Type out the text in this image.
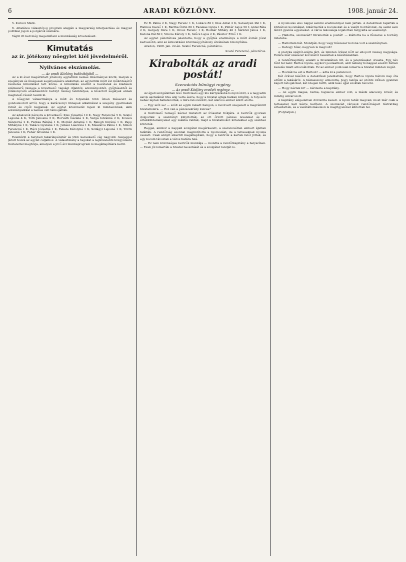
6	ARADI KÖZLÖNY.	1908. január 24.

5. Kurucz Márk.

6. Altalános választójog program alapján a magyarság kiterjesztése és magyar politikai jogok a polgárok számára.

Végül itt kell még megemlíteni a munkásság követeléseit.

Kimutatás
az ír. jótékony nőegylet kiél jövedelméről.
Nyilvános elszámolás.
— Az aradi Közlöny tudósítójától —

Az a ki évet megérintett jótékony egyletünk nemes intézményei közül, melyek a szegények és ínségesek segélyezésére alakultak, az egyletünk múlt évi működéséről részletes kimutatást tett közzé. A kimutatás szerint a bevételek és kiadások számszerű összege a következő: tagsági díjakból, adományokból, gyűjtésekből és jótékonycélú előadásokból befolyt összeg tekintélyes, a kiosztott segélyek ennek megfelelő részét teszik ki.

A nőegylet választmánya a múlt év folyamán több ízben ülésezett és gondoskodott arról, hogy a karácsonyi ünnepek alkalmával a szegény gyermekek ruhát és cipőt kapjanak. Az egylet köszönetét fejezi ki mindazoknak, akik adományaikkal a nemes célt támogatták.

Az adakozók névsora a következő: Kiss Józsefné 10 K, Nagy Ferencné 5 K, Szabó Lajosné 4 K, Tóth Jánosné 3 K, Horváth Gézáné 2 K, Varga Istvánné 2 K, Kovács Sándorné 2 K, Farkas Béláné 1 K, Molnár Antalné 1 K, Balogh Imréné 1 K, Papp Mihályné 1 K, Takács Gyuláné 1 K, Juhász Lászlóné 1 K, Mészáros Pálné 1 K, Simon Ferencné 1 K, Rácz Józsefné 1 K, Fekete Károlyné 1 K, Szilágyi Lajosné 1 K, Török Jánosné 1 K, Fehér Istvánné 1 K.

Ezenkívül a helybeli takarékpénztár és több kereskedő cég nagyobb összeggel járult hozzá az egylet céljaihoz. A választmány a tagokat a legközelebbi közgyűlésre tisztelettel meghívja, amelyen a jövő évi munkaprogram is megállapításra kerül.

Ez B. Pálné 2 K, Nagy Ferenc 1 K, Lukács 80 f, Kiss Antal 2 K, Sebestyén Pál 1 K, Halmos Dezső 1 K, Bartha Ödön 60 f, Fazekas Gyula 1 K, Pintér Lajos 50 f, Antal Béla 2 K, Gergely Imre 1 K, Orosz Ferenc 1 K, Bodnár Mihály 40 f, Sárközi János 1 K, Katona Pál 60 f, Vincze Károly 1 K, Szűcs Lajos 2 K, Pásztor Ernő 1 K.

Az egylet pénztárosa jelentette, hogy a gyűjtés eredménye a múlt évinél jóval kedvezőbb, ami az áldozatkész közönség jótékony érzékének bizonyítéka.

Aradon, 1908. jan. 22-én. Szabó Ferencné, pénztáros.

Szabó Ferencné, pénztáros.
Kirabolták az aradi postát!
Szenzációs bűnügyi regény.
— Az aradi Közlöny eredeti regénye —

Az éjjeli szolgálatban lévő tisztviselő egy kis kártyázásba bonyolódott, s a negyedik sarok asztalánál ülve alig vette észre, hogy a hivatal ajtaja halkan kinyílik. A folyosón nehéz léptek hallatszottak, s mire felocsúdott, két álarcos ember állott előtte.

— Egy szót se! — szólt az egyik rekedt hangon, s revolvert szegezett a megrémült hivatalnokra. — Hol van a pénzszekrény kulcsa?

A tisztviselő remegő kézzel mutatott az íróasztal fiókjára. A betörők gyorsan dolgoztak: a szekrényt kinyitották, az ott őrzött pénzes leveleket és az értékküldeményeket egy zsákba rakták, majd a hivatalnokot kötelekkel egy székhez kötözték.

Reggel, amikor a nappali szolgálat megérkezett, a szerencsétlen embert ájultan találták. A rendőrség azonnal megindította a nyomozást, de a tetteseknek nyoma veszett. Csak annyit sikerült megállapítani, hogy a betörők a kertek felől jöttek, és egy kocsin távoztak a város határa felé.

— Ez nem közönséges betörők munkája — mondta a rendőrkapitány a helyszínen. — Ezek jól ismerték a hivatal beosztását és a szolgálat rendjét is.

A nyomozás első napjai semmi eredménnyel nem jártak. A detektívek bejárták a külvárosi kocsmákat, kikérdezték a kocsisokat és a vasúti hordárokat, de senki sem látott gyanús egyéneket. A város lakossága izgatottan tárgyalta az eseményt.

— Hallotta, szomszéd? Kirabolták a postát! — kiáltotta be a fűszeres a borbély üzletébe.

— Hallottam hát. Mondják, hogy vagy húszezer korona volt a szekrényben.

— Dehogy húsz, negyven is megvolt!

A pletyka szájról-szájra járt, és minden órával nőtt az ellopott összeg nagysága. Estére már százezer koronáról beszéltek a kávéházakban.

A rendőrkapitány ezalatt a hivatalában ült, és a jelentéseket olvasta. Egy név tűnt fel neki: Bartos Gyula, egykori postaaltiszt, akit néhány hónappal ezelőtt hűtlen kezelés miatt elbocsátottak. Ez az ember pontosan ismerte a hivatal minden zugát.

— Hozzák be ezt a Bartost! — adta ki a parancsot.

Két órával később a detektívek jelentették, hogy Bartos Gyula három nap óta eltűnt a lakásáról. A háziasszony elmondta, hogy lakója az utóbbi időben gyakran kapott látogatókat, két idegen férfit, akik késő éjjel szoktak távozni.

— Hogy néztek ki? — kérdezte a kapitány.

— Az egyik magas, barna, bajuszos ember volt, a másik alacsony, kövér, és mindig szivarozott.

A kapitány elégedetten dörzsölte kezeit. A nyom tehát megvan; most már csak a tetteseket kell kézre keríteni. A szomszéd városok rendőrségeit táviratilag értesítették, és a vasútállomásokon is megfigyelőket állítottak fel.

(Folytatjuk.)
